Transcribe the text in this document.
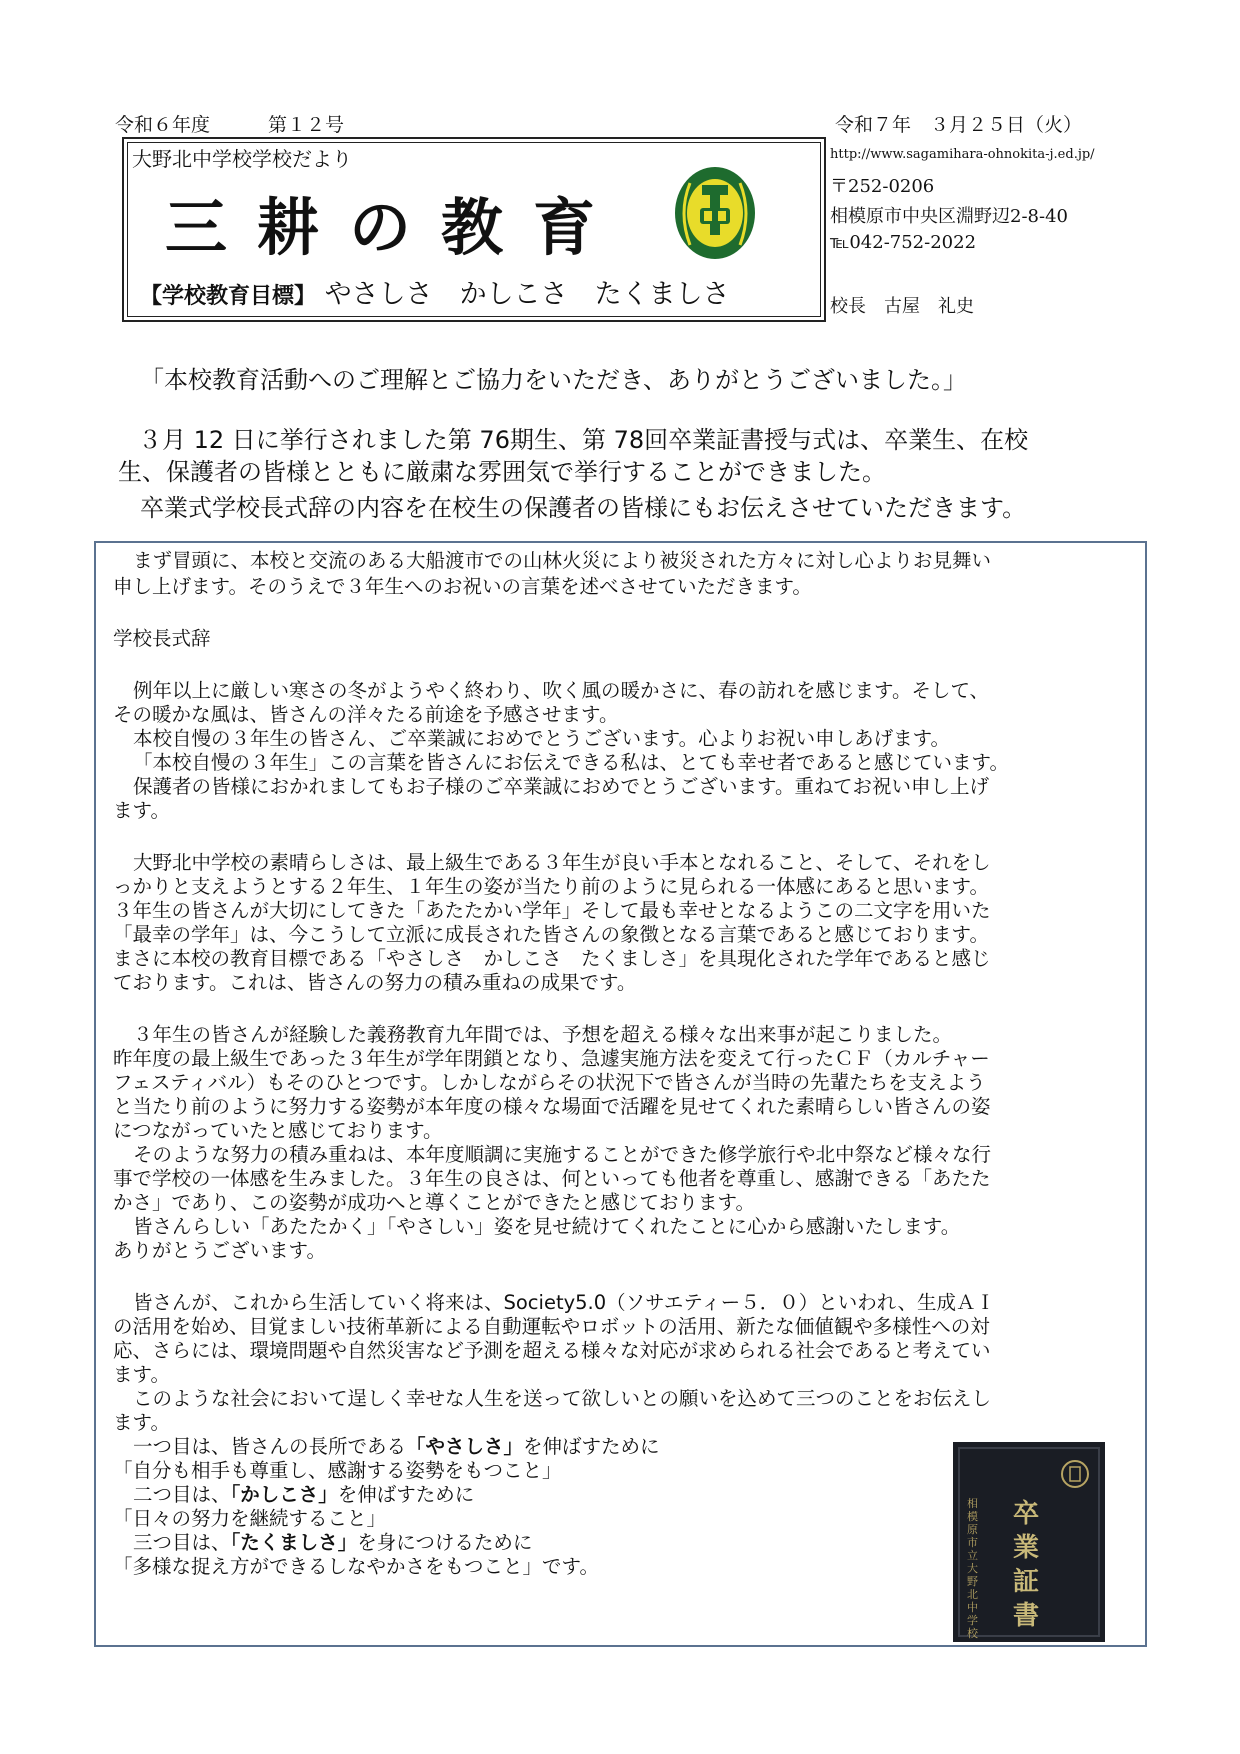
令和６年度	第１２号	令和７年　３月２５日（火）
大野北中学校学校だより
三耕の教育
【学校教育目標】 やさしさ　かしこさ　たくましさ
http://www.sagamihara-ohnokita-j.ed.jp/
〒252-0206
相模原市中央区淵野辺2-8-40
℡042-752-2022
校長　古屋　礼史
「本校教育活動へのご理解とご協力をいただき、ありがとうございました。」
３月 12 日に挙行されました第 76期生、第 78回卒業証書授与式は、卒業生、在校
生、保護者の皆様とともに厳粛な雰囲気で挙行することができました。
卒業式学校長式辞の内容を在校生の保護者の皆様にもお伝えさせていただきます。
まず冒頭に、本校と交流のある大船渡市での山林火災により被災された方々に対し心よりお見舞い
申し上げます。そのうえで３年生へのお祝いの言葉を述べさせていただきます。
学校長式辞
例年以上に厳しい寒さの冬がようやく終わり、吹く風の暖かさに、春の訪れを感じます。そして、
その暖かな風は、皆さんの洋々たる前途を予感させます。
本校自慢の３年生の皆さん、ご卒業誠におめでとうございます。心よりお祝い申しあげます。
「本校自慢の３年生」この言葉を皆さんにお伝えできる私は、とても幸せ者であると感じています。
保護者の皆様におかれましてもお子様のご卒業誠におめでとうございます。重ねてお祝い申し上げ
ます。
大野北中学校の素晴らしさは、最上級生である３年生が良い手本となれること、そして、それをし
っかりと支えようとする２年生、１年生の姿が当たり前のように見られる一体感にあると思います。
３年生の皆さんが大切にしてきた「あたたかい学年」そして最も幸せとなるようこの二文字を用いた
「最幸の学年」は、今こうして立派に成長された皆さんの象徴となる言葉であると感じております。
まさに本校の教育目標である「やさしさ　かしこさ　たくましさ」を具現化された学年であると感じ
ております。これは、皆さんの努力の積み重ねの成果です。
３年生の皆さんが経験した義務教育九年間では、予想を超える様々な出来事が起こりました。
昨年度の最上級生であった３年生が学年閉鎖となり、急遽実施方法を変えて行ったＣＦ（カルチャー
フェスティバル）もそのひとつです。しかしながらその状況下で皆さんが当時の先輩たちを支えよう
と当たり前のように努力する姿勢が本年度の様々な場面で活躍を見せてくれた素晴らしい皆さんの姿
につながっていたと感じております。
そのような努力の積み重ねは、本年度順調に実施することができた修学旅行や北中祭など様々な行
事で学校の一体感を生みました。３年生の良さは、何といっても他者を尊重し、感謝できる「あたた
かさ」であり、この姿勢が成功へと導くことができたと感じております。
皆さんらしい「あたたかく」「やさしい」姿を見せ続けてくれたことに心から感謝いたします。
ありがとうございます。
皆さんが、これから生活していく将来は、Society5.0（ソサエティー５．０）といわれ、生成ＡＩ
の活用を始め、目覚ましい技術革新による自動運転やロボットの活用、新たな価値観や多様性への対
応、さらには、環境問題や自然災害など予測を超える様々な対応が求められる社会であると考えてい
ます。
このような社会において逞しく幸せな人生を送って欲しいとの願いを込めて三つのことをお伝えし
ます。
一つ目は、皆さんの長所である「やさしさ」を伸ばすために
「自分も相手も尊重し、感謝する姿勢をもつこと」
二つ目は、「かしこさ」を伸ばすために
「日々の努力を継続すること」
三つ目は、「たくましさ」を身につけるために
「多様な捉え方ができるしなやかさをもつこと」です。
卒業証書
相模原市立大野北中学校
